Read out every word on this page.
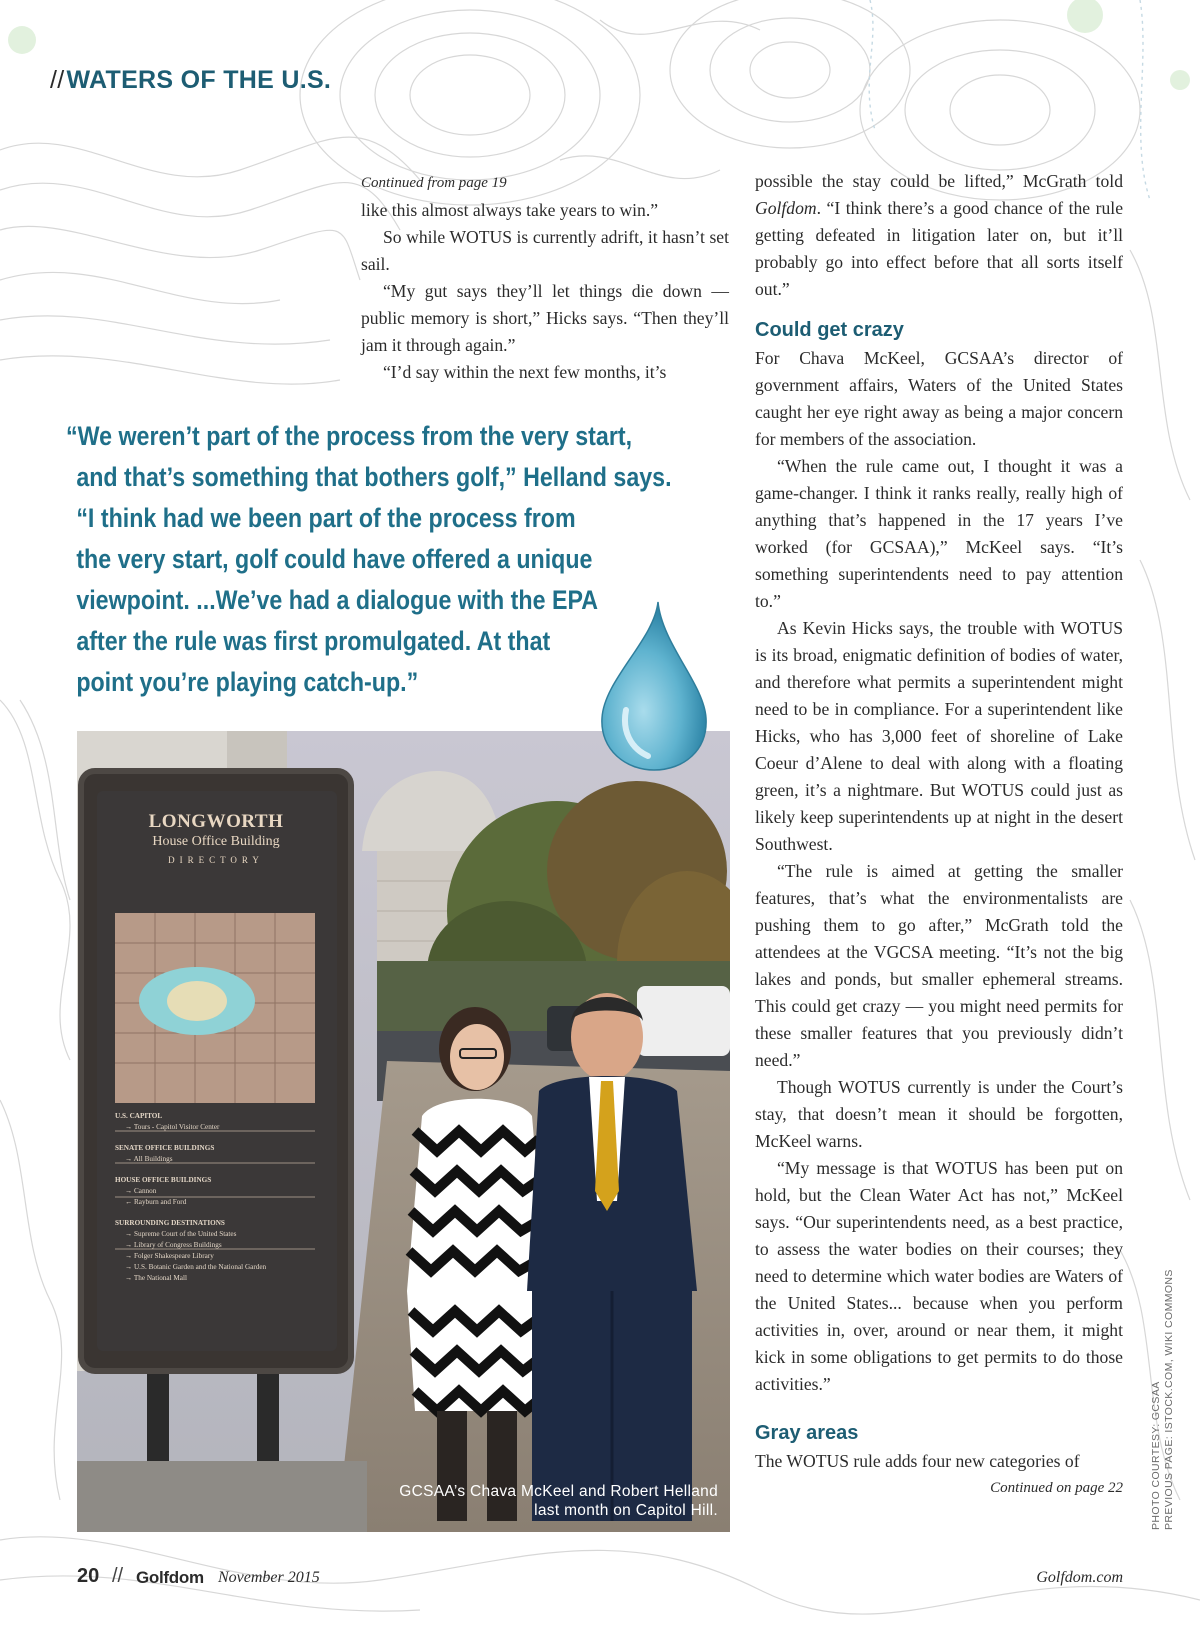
//WATERS OF THE U.S.

Continued from page 19

like this almost always take years to win.”

So while WOTUS is currently adrift, it hasn’t set sail.

“My gut says they’ll let things die down — public memory is short,” Hicks says. “Then they’ll jam it through again.”

“I’d say within the next few months, it’s

possible the stay could be lifted,” McGrath told Golfdom. “I think there’s a good chance of the rule getting defeated in litigation later on, but it’ll probably go into effect before that all sorts itself out.”

Could get crazy

For Chava McKeel, GCSAA’s director of government affairs, Waters of the United States caught her eye right away as being a major concern for members of the association.

“When the rule came out, I thought it was a game-changer. I think it ranks really, really high of anything that’s happened in the 17 years I’ve worked (for GCSAA),” McKeel says. “It’s something superintendents need to pay attention to.”

As Kevin Hicks says, the trouble with WOTUS is its broad, enigmatic definition of bodies of water, and therefore what permits a superintendent might need to be in compliance. For a superintendent like Hicks, who has 3,000 feet of shoreline of Lake Coeur d’Alene to deal with along with a floating green, it’s a nightmare. But WOTUS could just as likely keep superintendents up at night in the desert Southwest.

“The rule is aimed at getting the smaller features, that’s what the environmentalists are pushing them to go after,” McGrath told the attendees at the VGCSA meeting. “It’s not the big lakes and ponds, but smaller ephemeral streams. This could get crazy — you might need permits for these smaller features that you previously didn’t need.”

Though WOTUS currently is under the Court’s stay, that doesn’t mean it should be forgotten, McKeel warns.

“My message is that WOTUS has been put on hold, but the Clean Water Act has not,” McKeel says. “Our superintendents need, as a best practice, to assess the water bodies on their courses; they need to determine which water bodies are Waters of the United States... because when you perform activities in, over, around or near them, it might kick in some obligations to get permits to do those activities.”

Gray areas

The WOTUS rule adds four new categories of

Continued on page 22

“We weren’t part of the process from the very start,
and that’s something that bothers golf,” Helland says.
“I think had we been part of the process from
the very start, golf could have offered a unique
viewpoint. ...We’ve had a dialogue with the EPA
after the rule was first promulgated. At that
point you’re playing catch-up.”
LONGWORTH
House Office Building
DIRECTORY
U.S. CAPITOL
→ Tours - Capitol Visitor Center
SENATE OFFICE BUILDINGS
→ All Buildings
HOUSE OFFICE BUILDINGS
→ Cannon
← Rayburn and Ford
SURROUNDING DESTINATIONS
→ Supreme Court of the United States
→ Library of Congress Buildings
→ Folger Shakespeare Library
→ U.S. Botanic Garden and the National Garden
→ The National Mall
GCSAA’s Chava McKeel and Robert Helland
last month on Capitol Hill.	PHOTO COURTESY: GCSAA PREVIOUS PAGE: ISTOCK.COM, WIKI COMMONS
20 // Golfdom November 2015	Golfdom.com
